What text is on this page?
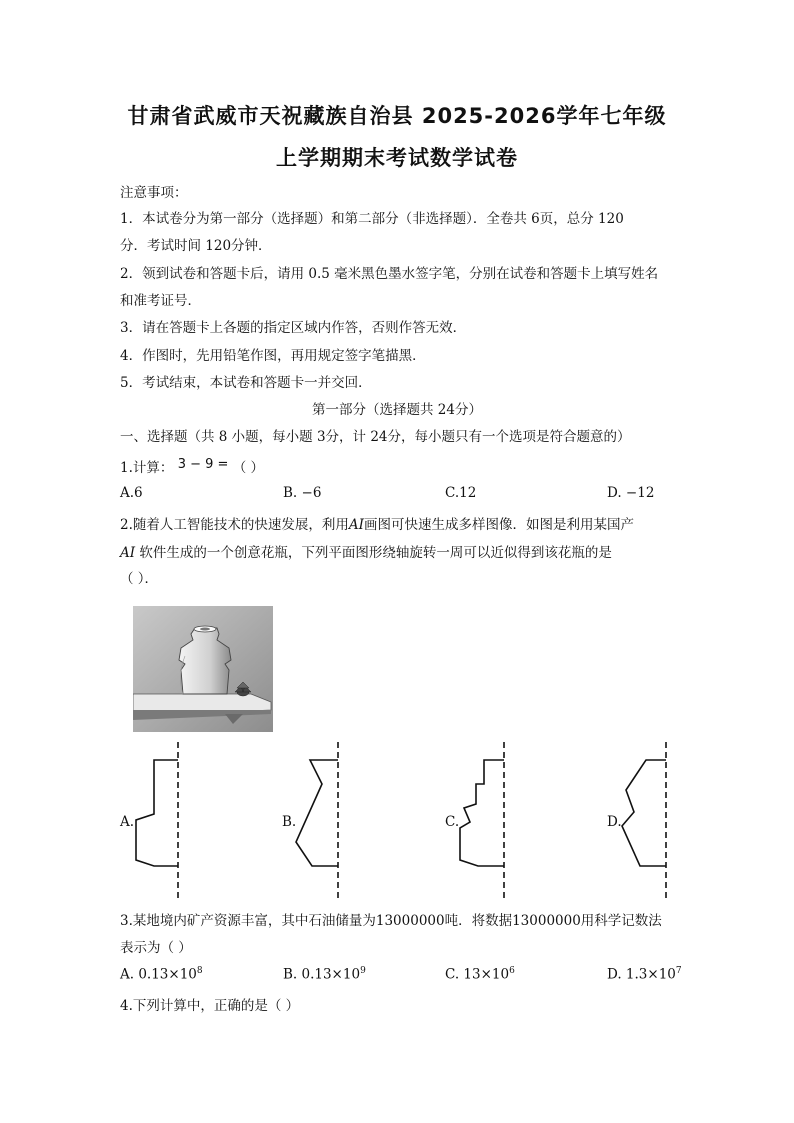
甘肃省武威市天祝藏族自治县 2025-2026学年七年级
上学期期末考试数学试卷
注意事项：
1．本试卷分为第一部分（选择题）和第二部分（非选择题）．全卷共 6页，总分 120
分．考试时间 120分钟．
2．领到试卷和答题卡后，请用 0.5 毫米黑色墨水签字笔，分别在试卷和答题卡上填写姓名
和准考证号．
3．请在答题卡上各题的指定区域内作答，否则作答无效．
4．作图时，先用铅笔作图，再用规定签字笔描黑．
5．考试结束，本试卷和答题卡一并交回．
第一部分（选择题共 24分）
一、选择题（共 8 小题，每小题 3分，计 24分，每小题只有一个选项是符合题意的）
1.计算： 3 − 9 = （ ）
A.6	B. −6	C.12	D. −12
2.随着人工智能技术的快速发展，利用AI画图可快速生成多样图像．如图是利用某国产
AI 软件生成的一个创意花瓶，下列平面图形绕轴旋转一周可以近似得到该花瓶的是
（ ）．
A.	B.	C.	D.
3.某地境内矿产资源丰富，其中石油储量为13000000吨．将数据13000000用科学记数法
表示为（ ）
A. $0.13\times 10^8$	B. $0.13\times 10^9$	C. $13\times 10^6$	D. $1.3\times 10^7$
4.下列计算中，正确的是（ ）
